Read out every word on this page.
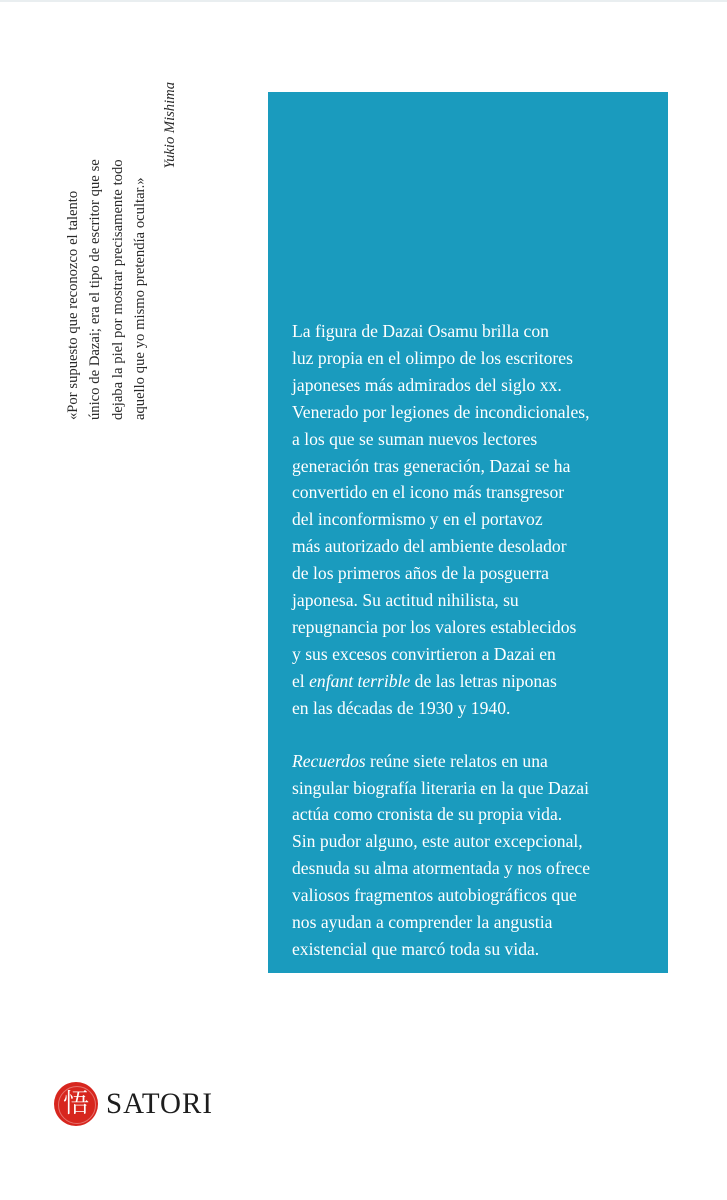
«Por supuesto que reconozco el talento único de Dazai; era el tipo de escritor que se dejaba la piel por mostrar precisamente todo aquello que yo mismo pretendía ocultar.»

Yukio Mishima
La figura de Dazai Osamu brilla con
luz propia en el olimpo de los escritores
japoneses más admirados del siglo xx.
Venerado por legiones de incondicionales,
a los que se suman nuevos lectores
generación tras generación, Dazai se ha
convertido en el icono más transgresor
del inconformismo y en el portavoz
más autorizado del ambiente desolador
de los primeros años de la posguerra
japonesa. Su actitud nihilista, su
repugnancia por los valores establecidos
y sus excesos convirtieron a Dazai en
el enfant terrible de las letras niponas
en las décadas de 1930 y 1940.
Recuerdos reúne siete relatos en una
singular biografía literaria en la que Dazai
actúa como cronista de su propia vida.
Sin pudor alguno, este autor excepcional,
desnuda su alma atormentada y nos ofrece
valiosos fragmentos autobiográficos que
nos ayudan a comprender la angustia
existencial que marcó toda su vida.
悟 SATORI
